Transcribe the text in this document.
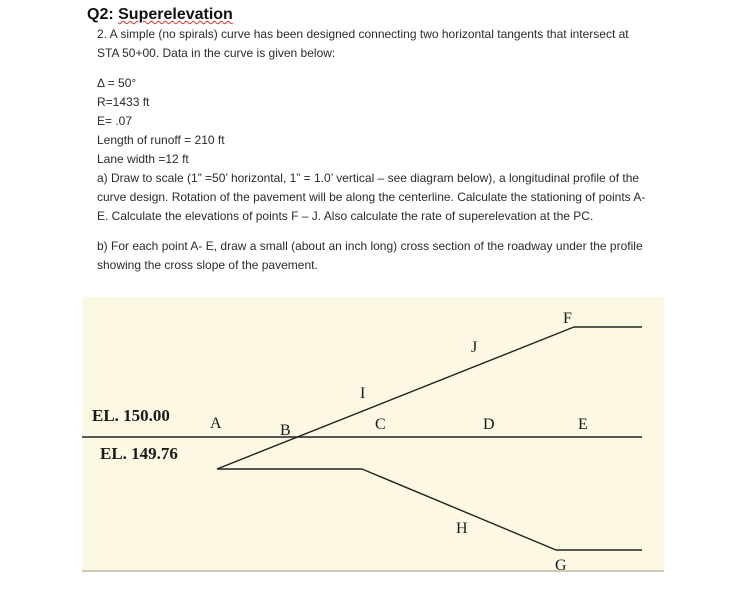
Q2: Superelevation
2. A simple (no spirals) curve has been designed connecting two horizontal tangents that intersect at
STA 50+00. Data in the curve is given below:
Δ = 50°
R=1433 ft
E= .07
Length of runoff = 210 ft
Lane width =12 ft
a) Draw to scale (1” =50’ horizontal, 1” = 1.0’ vertical – see diagram below), a longitudinal profile of the
curve design. Rotation of the pavement will be along the centerline. Calculate the stationing of points A-
E. Calculate the elevations of points F – J. Also calculate the rate of superelevation at the PC.
b) For each point A- E, draw a small (about an inch long) cross section of the roadway under the profile
showing the cross slope of the pavement.
EL. 150.00
EL. 149.76
A	B	C	D	E
F
G
H
I
J
